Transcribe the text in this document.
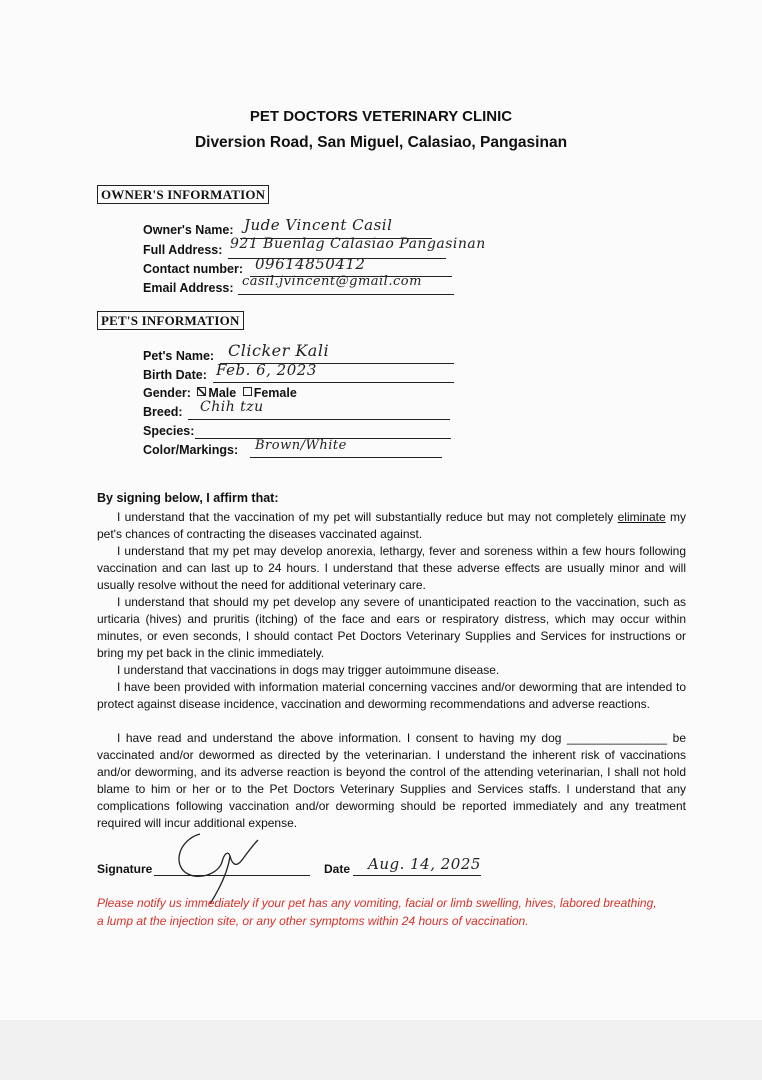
PET DOCTORS VETERINARY CLINIC
Diversion Road, San Miguel, Calasiao, Pangasinan
OWNER'S INFORMATION
Owner's Name: Jude Vincent Casil
Full Address: 921 Buenlag Calasiao Pangasinan
Contact number: 09614850412
Email Address: casil.jvincent@gmail.com
PET'S INFORMATION
Pet's Name: Clicker Kali
Birth Date: Feb. 6, 2023
Gender: Male Female
Breed: Chih tzu
Species:
Color/Markings: Brown/White
By signing below, I affirm that:

I understand that the vaccination of my pet will substantially reduce but may not completely eliminate my pet's chances of contracting the diseases vaccinated against.

I understand that my pet may develop anorexia, lethargy, fever and soreness within a few hours following vaccination and can last up to 24 hours. I understand that these adverse effects are usually minor and will usually resolve without the need for additional veterinary care.

I understand that should my pet develop any severe of unanticipated reaction to the vaccination, such as urticaria (hives) and pruritis (itching) of the face and ears or respiratory distress, which may occur within minutes, or even seconds, I should contact Pet Doctors Veterinary Supplies and Services for instructions or bring my pet back in the clinic immediately.

I understand that vaccinations in dogs may trigger autoimmune disease.

I have been provided with information material concerning vaccines and/or deworming that are intended to protect against disease incidence, vaccination and deworming recommendations and adverse reactions.

I have read and understand the above information. I consent to having my dog _______________ be vaccinated and/or dewormed as directed by the veterinarian. I understand the inherent risk of vaccinations and/or deworming, and its adverse reaction is beyond the control of the attending veterinarian, I shall not hold blame to him or her or to the Pet Doctors Veterinary Supplies and Services staffs. I understand that any complications following vaccination and/or deworming should be reported immediately and any treatment required will incur additional expense.

Signature	Date Aug. 14, 2025
Please notify us immediately if your pet has any vomiting, facial or limb swelling, hives, labored breathing, a lump at the injection site, or any other symptoms within 24 hours of vaccination.
